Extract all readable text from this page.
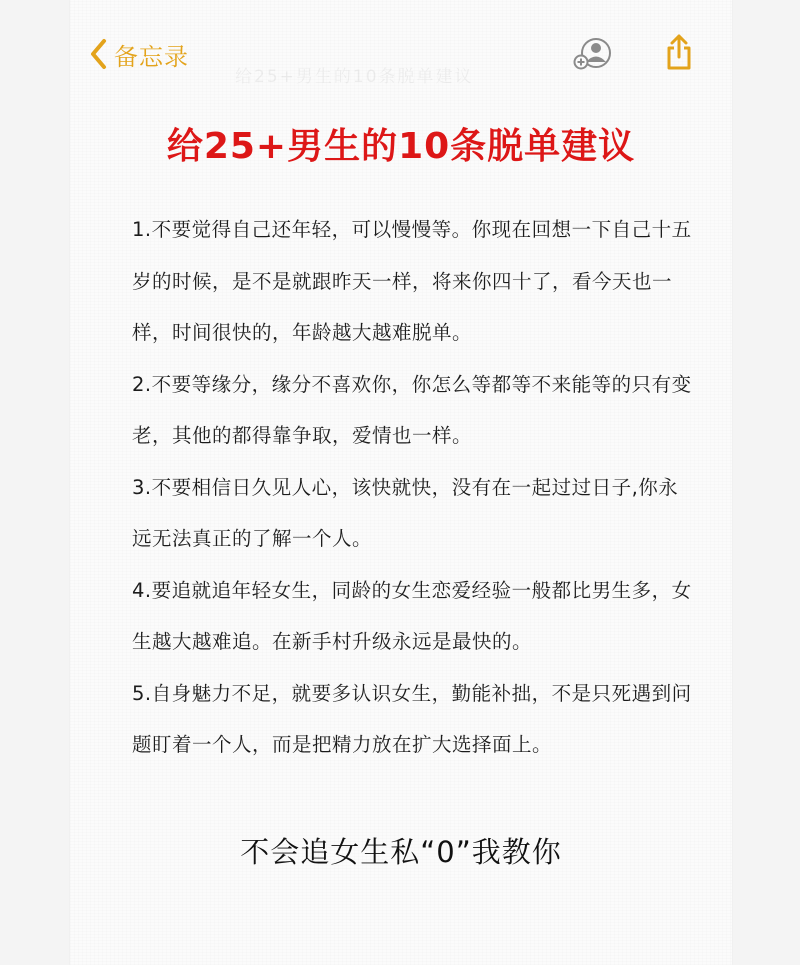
备忘录
给25+男生的10条脱单建议
给25+男生的10条脱单建议

1.不要觉得自己还年轻，可以慢慢等。你现在回想一下自己十五岁的时候，是不是就跟昨天一样，将来你四十了，看今天也一样，时间很快的，年龄越大越难脱单。

2.不要等缘分，缘分不喜欢你，你怎么等都等不来能等的只有变老，其他的都得靠争取，爱情也一样。

3.不要相信日久见人心，该快就快，没有在一起过过日子,你永远无法真正的了解一个人。

4.要追就追年轻女生，同龄的女生恋爱经验一般都比男生多，女生越大越难追。在新手村升级永远是最快的。

5.自身魅力不足，就要多认识女生，勤能补拙，不是只死遇到问题盯着一个人，而是把精力放在扩大选择面上。

不会追女生私“0”我教你
